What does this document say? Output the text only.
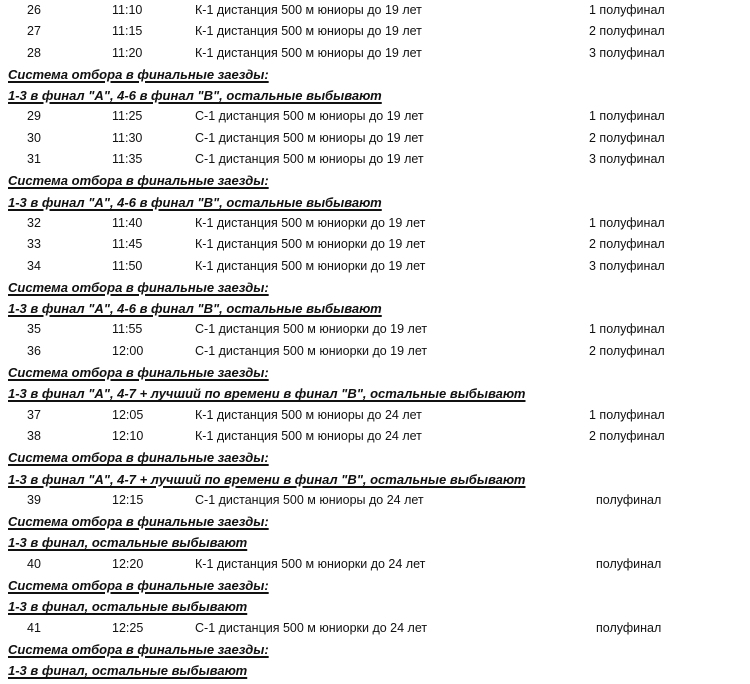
26	11:10	К-1 дистанция 500 м юниоры до 19 лет	1 полуфинал
27	11:15	К-1 дистанция 500 м юниоры до 19 лет	2 полуфинал
28	11:20	К-1 дистанция 500 м юниоры до 19 лет	3 полуфинал
Система отбора в финальные заезды:
1-3 в финал "А", 4-6 в финал "В", остальные выбывают
29	11:25	С-1 дистанция 500 м юниоры до 19 лет	1 полуфинал
30	11:30	С-1 дистанция 500 м юниоры до 19 лет	2 полуфинал
31	11:35	С-1 дистанция 500 м юниоры до 19 лет	3 полуфинал
Система отбора в финальные заезды:
1-3 в финал "А", 4-6 в финал "В", остальные выбывают
32	11:40	К-1 дистанция 500 м юниорки до 19 лет	1 полуфинал
33	11:45	К-1 дистанция 500 м юниорки до 19 лет	2 полуфинал
34	11:50	К-1 дистанция 500 м юниорки до 19 лет	3 полуфинал
Система отбора в финальные заезды:
1-3 в финал "А", 4-6 в финал "В", остальные выбывают
35	11:55	С-1 дистанция 500 м юниорки до 19 лет	1 полуфинал
36	12:00	С-1 дистанция 500 м юниорки до 19 лет	2 полуфинал
Система отбора в финальные заезды:
1-3 в финал "А", 4-7 + лучший по времени в финал "В", остальные выбывают
37	12:05	К-1 дистанция 500 м юниоры до 24 лет	1 полуфинал
38	12:10	К-1 дистанция 500 м юниоры до 24 лет	2 полуфинал
Система отбора в финальные заезды:
1-3 в финал "А", 4-7 + лучший по времени в финал "В", остальные выбывают
39	12:15	С-1 дистанция 500 м юниоры до 24 лет	полуфинал
Система отбора в финальные заезды:
1-3 в финал, остальные выбывают
40	12:20	К-1 дистанция 500 м юниорки до 24 лет	полуфинал
Система отбора в финальные заезды:
1-3 в финал, остальные выбывают
41	12:25	С-1 дистанция 500 м юниорки до 24 лет	полуфинал
Система отбора в финальные заезды:
1-3 в финал, остальные выбывают
